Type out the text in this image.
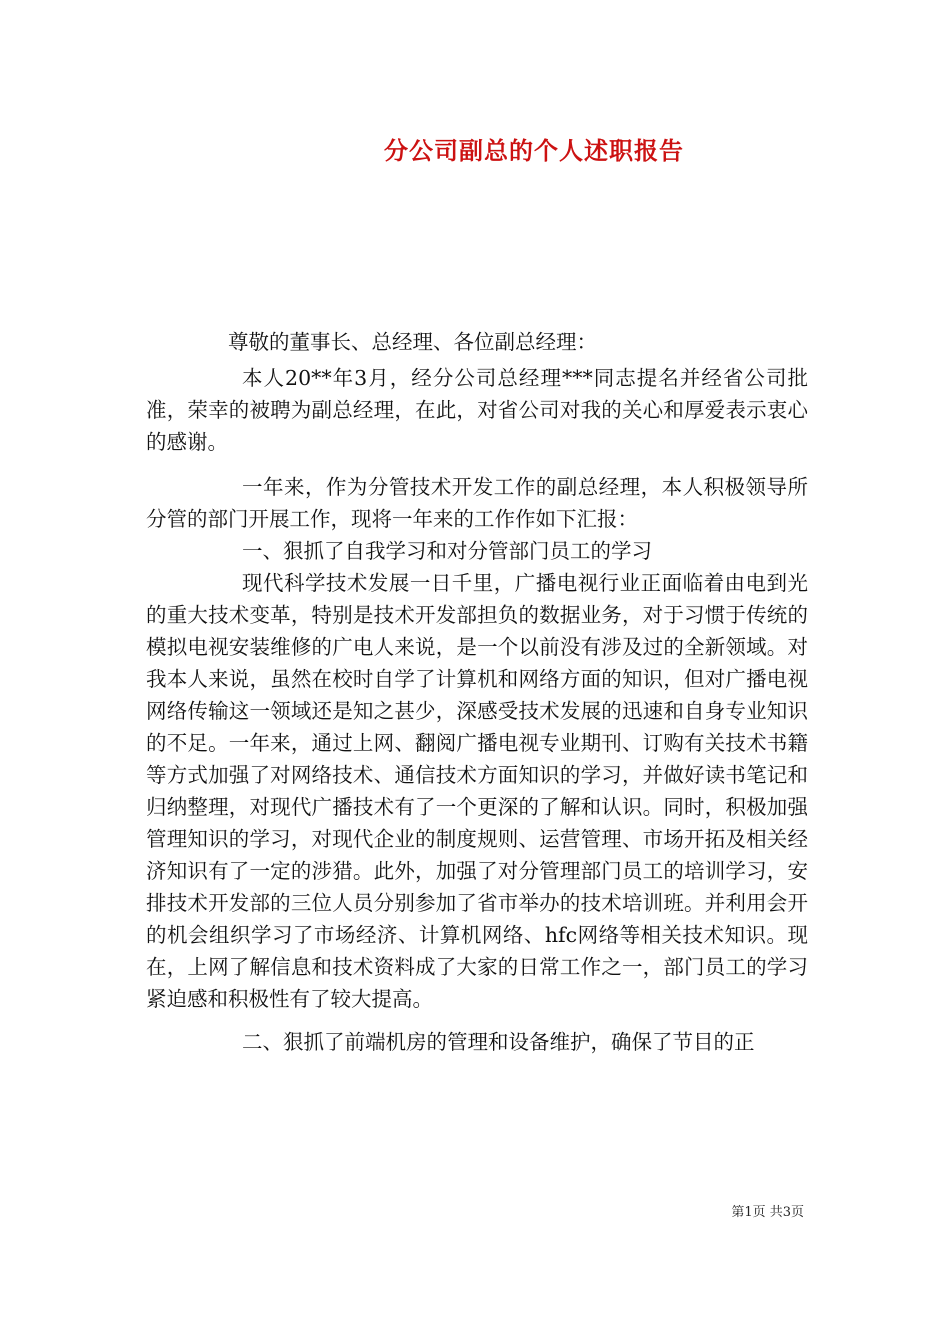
分公司副总的个人述职报告

尊敬的董事长、总经理、各位副总经理：

本人20**年3月，经分公司总经理***同志提名并经省公司批准，荣幸的被聘为副总经理，在此，对省公司对我的关心和厚爱表示衷心的感谢。

一年来，作为分管技术开发工作的副总经理，本人积极领导所分管的部门开展工作，现将一年来的工作作如下汇报：

一、狠抓了自我学习和对分管部门员工的学习

现代科学技术发展一日千里，广播电视行业正面临着由电到光的重大技术变革，特别是技术开发部担负的数据业务，对于习惯于传统的模拟电视安装维修的广电人来说，是一个以前没有涉及过的全新领域。对我本人来说，虽然在校时自学了计算机和网络方面的知识，但对广播电视网络传输这一领域还是知之甚少，深感受技术发展的迅速和自身专业知识的不足。一年来，通过上网、翻阅广播电视专业期刊、订购有关技术书籍等方式加强了对网络技术、通信技术方面知识的学习，并做好读书笔记和归纳整理，对现代广播技术有了一个更深的了解和认识。同时，积极加强管理知识的学习，对现代企业的制度规则、运营管理、市场开拓及相关经济知识有了一定的涉猎。此外，加强了对分管理部门员工的培训学习，安排技术开发部的三位人员分别参加了省市举办的技术培训班。并利用会开的机会组织学习了市场经济、计算机网络、hfc网络等相关技术知识。现在，上网了解信息和技术资料成了大家的日常工作之一，部门员工的学习紧迫感和积极性有了较大提高。

二、狠抓了前端机房的管理和设备维护，确保了节目的正

第1页 共3页
